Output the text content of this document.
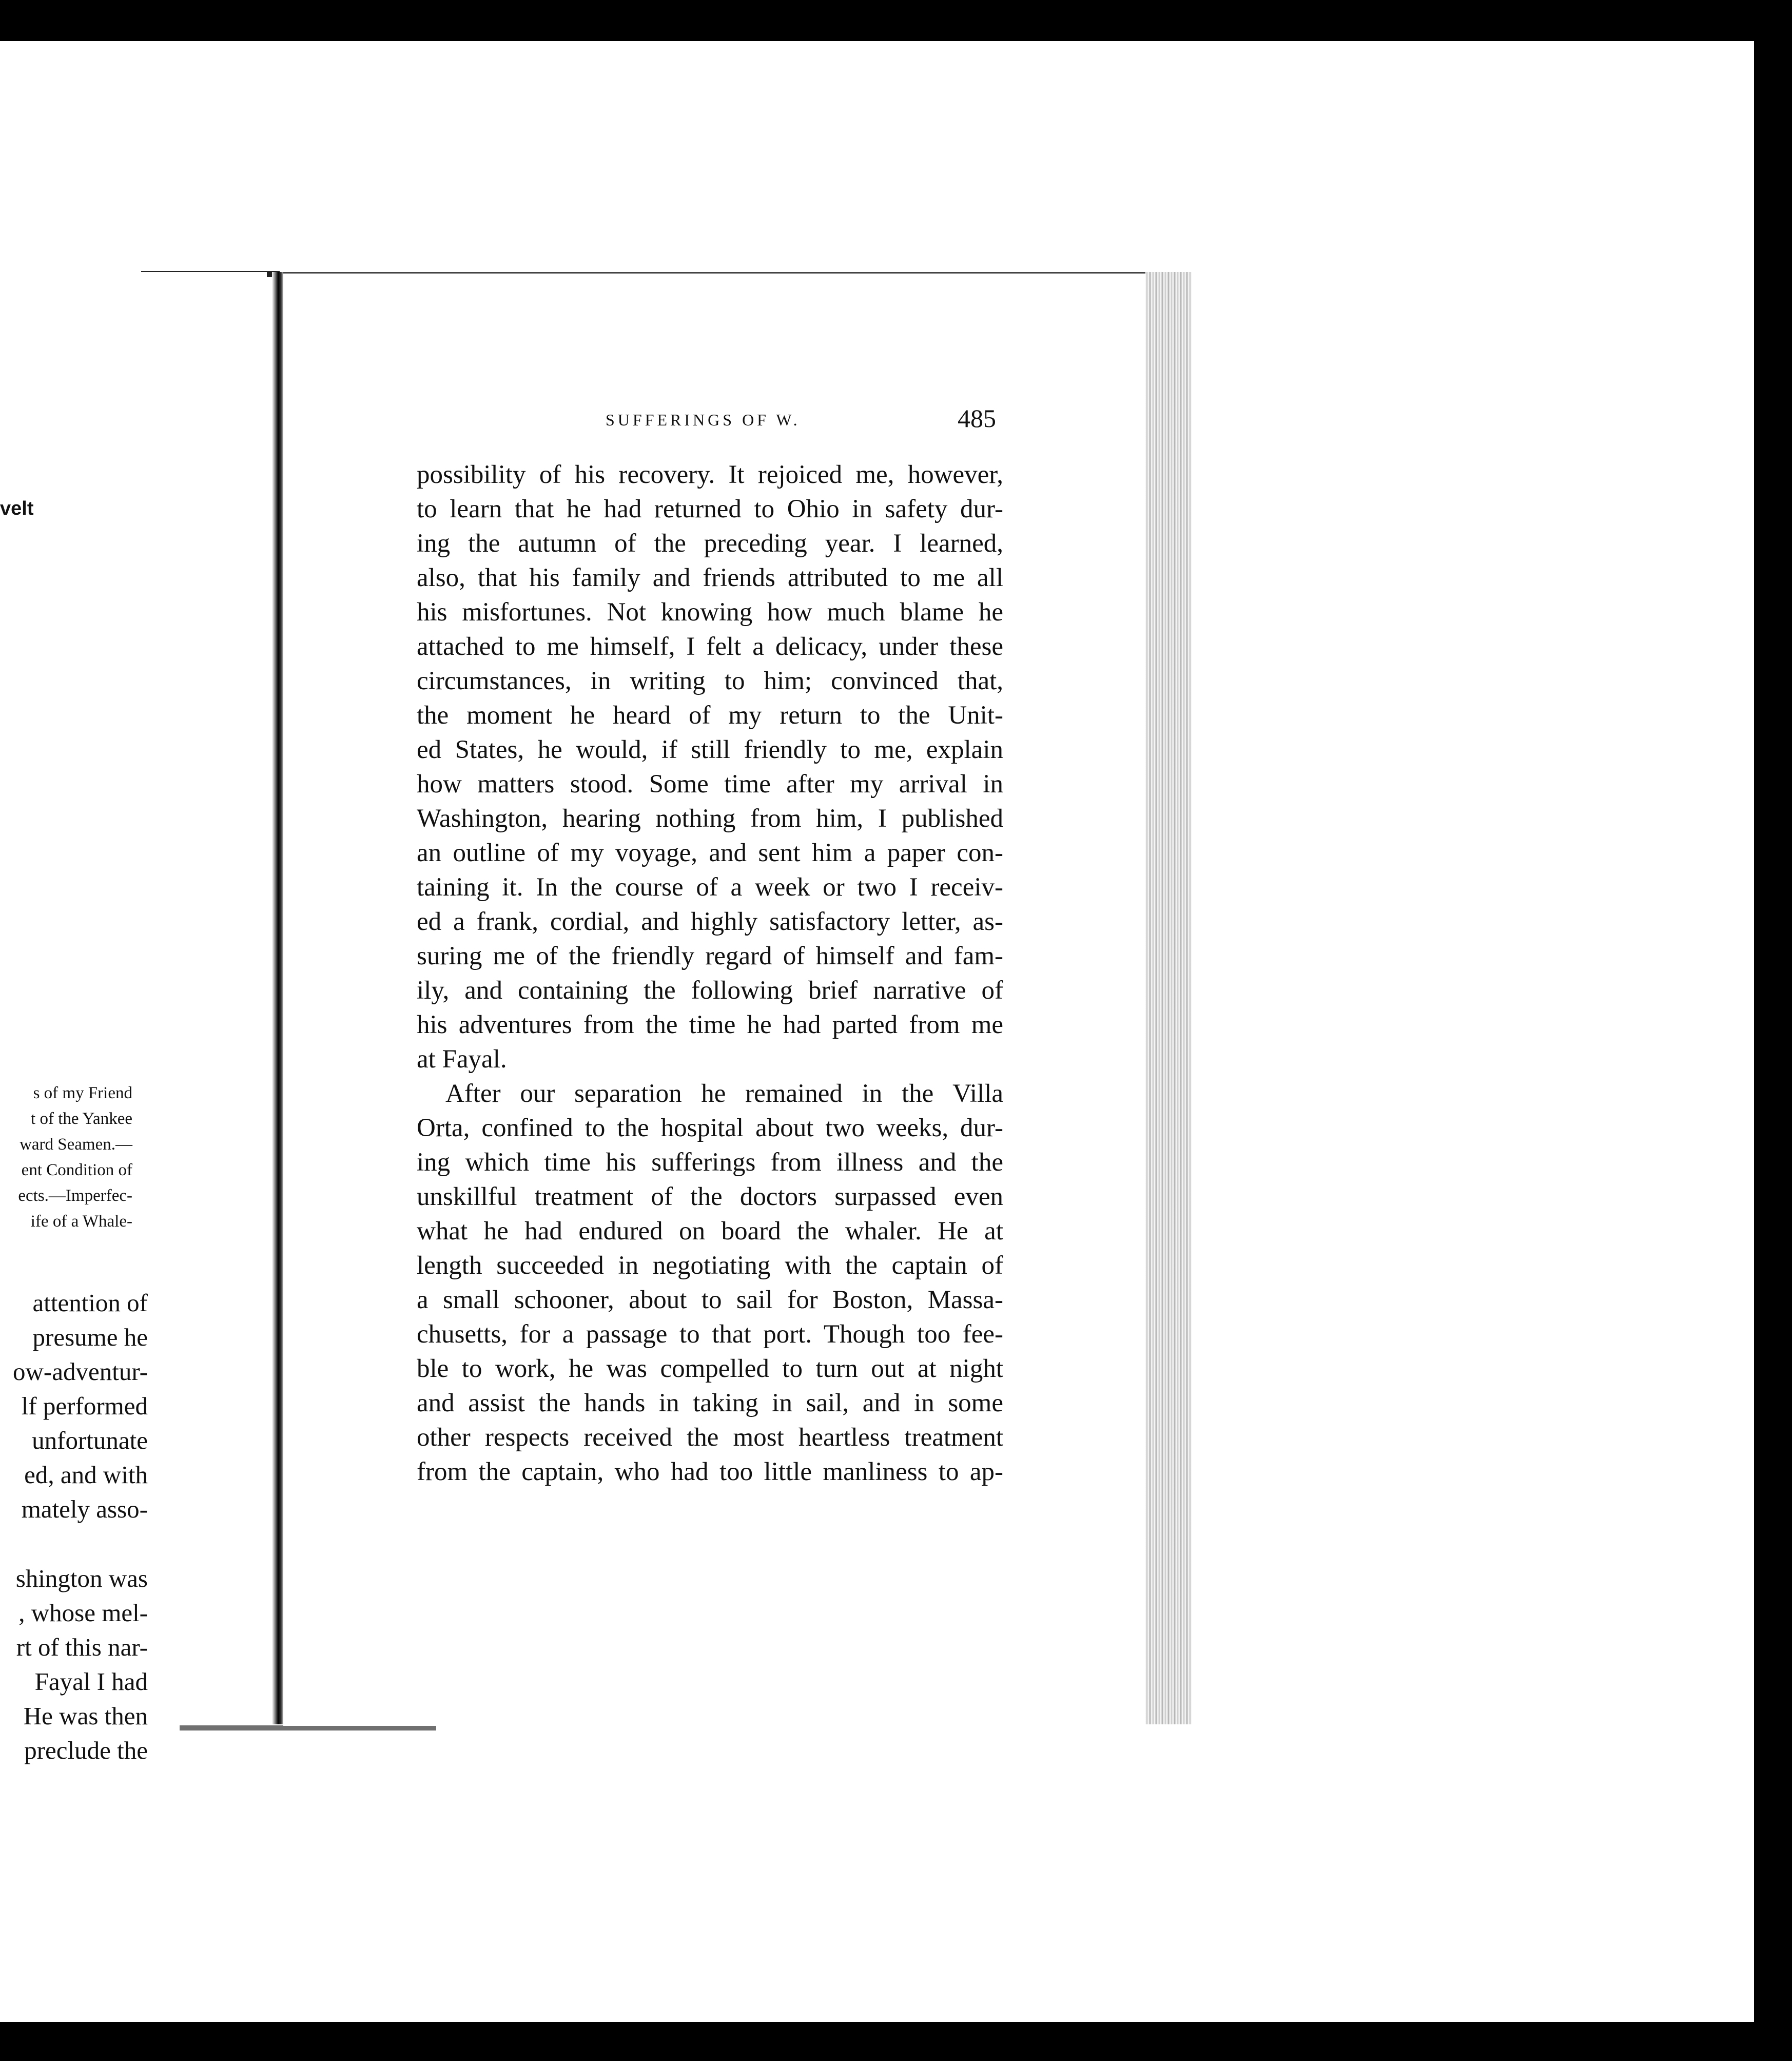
velt
s of my Friend
t of the Yankee
ward Seamen.—
ent Condition of
ects.—Imperfec-
ife of a Whale-

attention of

presume he

ow-adventur-

lf performed

unfortunate

ed, and with

mately asso-

shington was

, whose mel-

rt of this nar-

Fayal I had

He was then

preclude the

SUFFERINGS OF W.	485
possibility of his recovery. It rejoiced me, however,
to learn that he had returned to Ohio in safety dur-
ing the autumn of the preceding year. I learned,
also, that his family and friends attributed to me all
his misfortunes. Not knowing how much blame he
attached to me himself, I felt a delicacy, under these
circumstances, in writing to him; convinced that,
the moment he heard of my return to the Unit-
ed States, he would, if still friendly to me, explain
how matters stood. Some time after my arrival in
Washington, hearing nothing from him, I published
an outline of my voyage, and sent him a paper con-
taining it. In the course of a week or two I receiv-
ed a frank, cordial, and highly satisfactory letter, as-
suring me of the friendly regard of himself and fam-
ily, and containing the following brief narrative of
his adventures from the time he had parted from me
at Fayal.
After our separation he remained in the Villa
Orta, confined to the hospital about two weeks, dur-
ing which time his sufferings from illness and the
unskillful treatment of the doctors surpassed even
what he had endured on board the whaler. He at
length succeeded in negotiating with the captain of
a small schooner, about to sail for Boston, Massa-
chusetts, for a passage to that port. Though too fee-
ble to work, he was compelled to turn out at night
and assist the hands in taking in sail, and in some
other respects received the most heartless treatment
from the captain, who had too little manliness to ap-
